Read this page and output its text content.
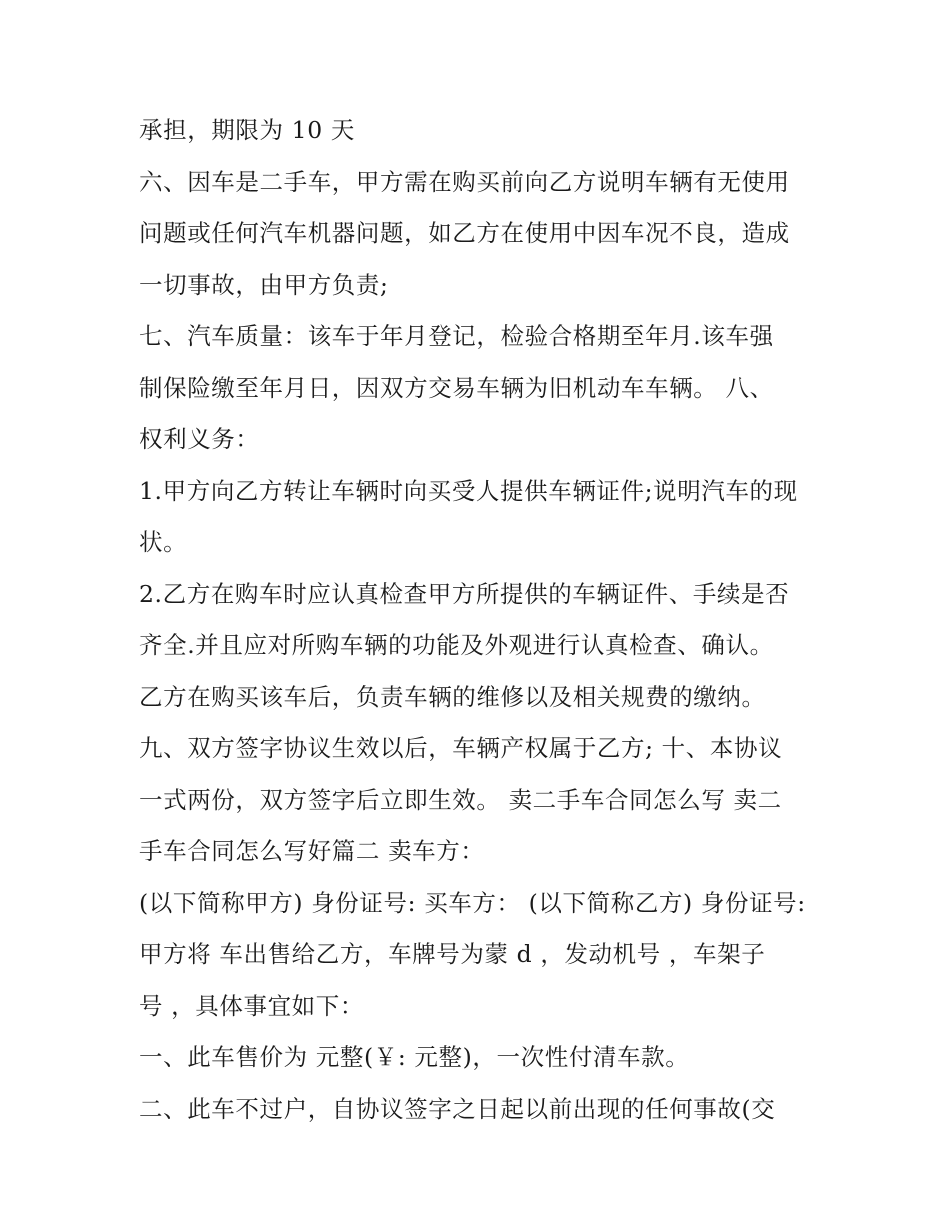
承担，期限为 10 天
六、因车是二手车，甲方需在购买前向乙方说明车辆有无使用
问题或任何汽车机器问题，如乙方在使用中因车况不良，造成
一切事故，由甲方负责;
七、汽车质量：该车于年月登记，检验合格期至年月.该车强
制保险缴至年月日，因双方交易车辆为旧机动车车辆。 八、
权利义务：
1.甲方向乙方转让车辆时向买受人提供车辆证件;说明汽车的现
状。
2.乙方在购车时应认真检查甲方所提供的车辆证件、手续是否
齐全.并且应对所购车辆的功能及外观进行认真检查、确认。
乙方在购买该车后，负责车辆的维修以及相关规费的缴纳。
九、双方签字协议生效以后，车辆产权属于乙方; 十、本协议
一式两份，双方签字后立即生效。 卖二手车合同怎么写 卖二
手车合同怎么写好篇二 卖车方：
(以下简称甲方) 身份证号: 买车方： (以下简称乙方) 身份证号:
甲方将 车出售给乙方，车牌号为蒙 d ，发动机号 ，车架子
号 ，具体事宜如下：
一、此车售价为 元整(￥: 元整)，一次性付清车款。
二、此车不过户，自协议签字之日起以前出现的任何事故(交
